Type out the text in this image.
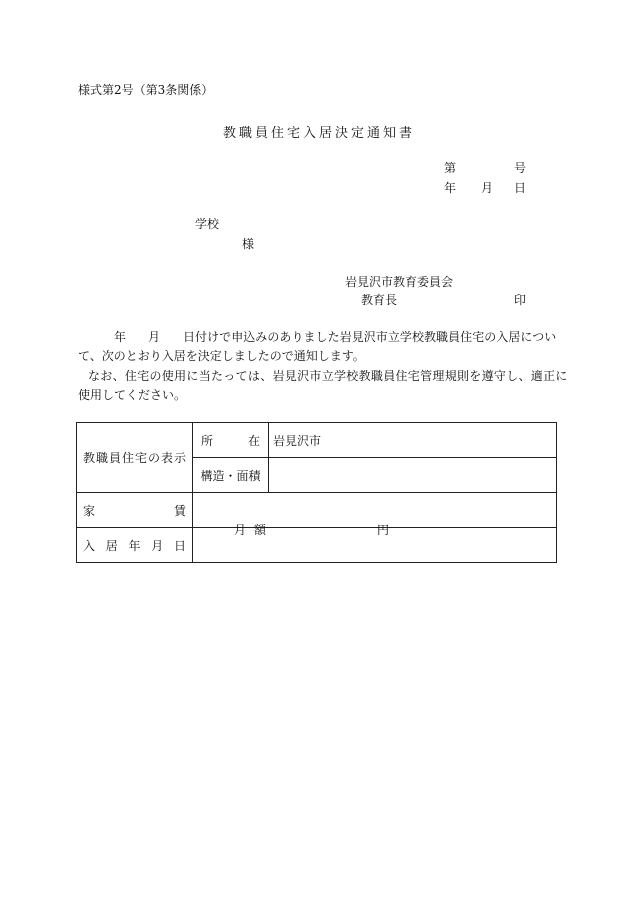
様式第2号（第3条関係）
教職員住宅入居決定通知書
第	号
年 月 日
学校
様
岩見沢市教育委員会
教育長	印
年 月 日付けで申込みのありました岩見沢市立学校教職員住宅の入居につい
て、次のとおり入居を決定しましたので通知します。
なお、住宅の使用に当たっては、岩見沢市立学校教職員住宅管理規則を遵守し、適正に
使用してください。
教職員住宅の表示	所 在	岩見沢市

	構造・面積	

家 賃	月額 円	

入 居 年 月 日		
